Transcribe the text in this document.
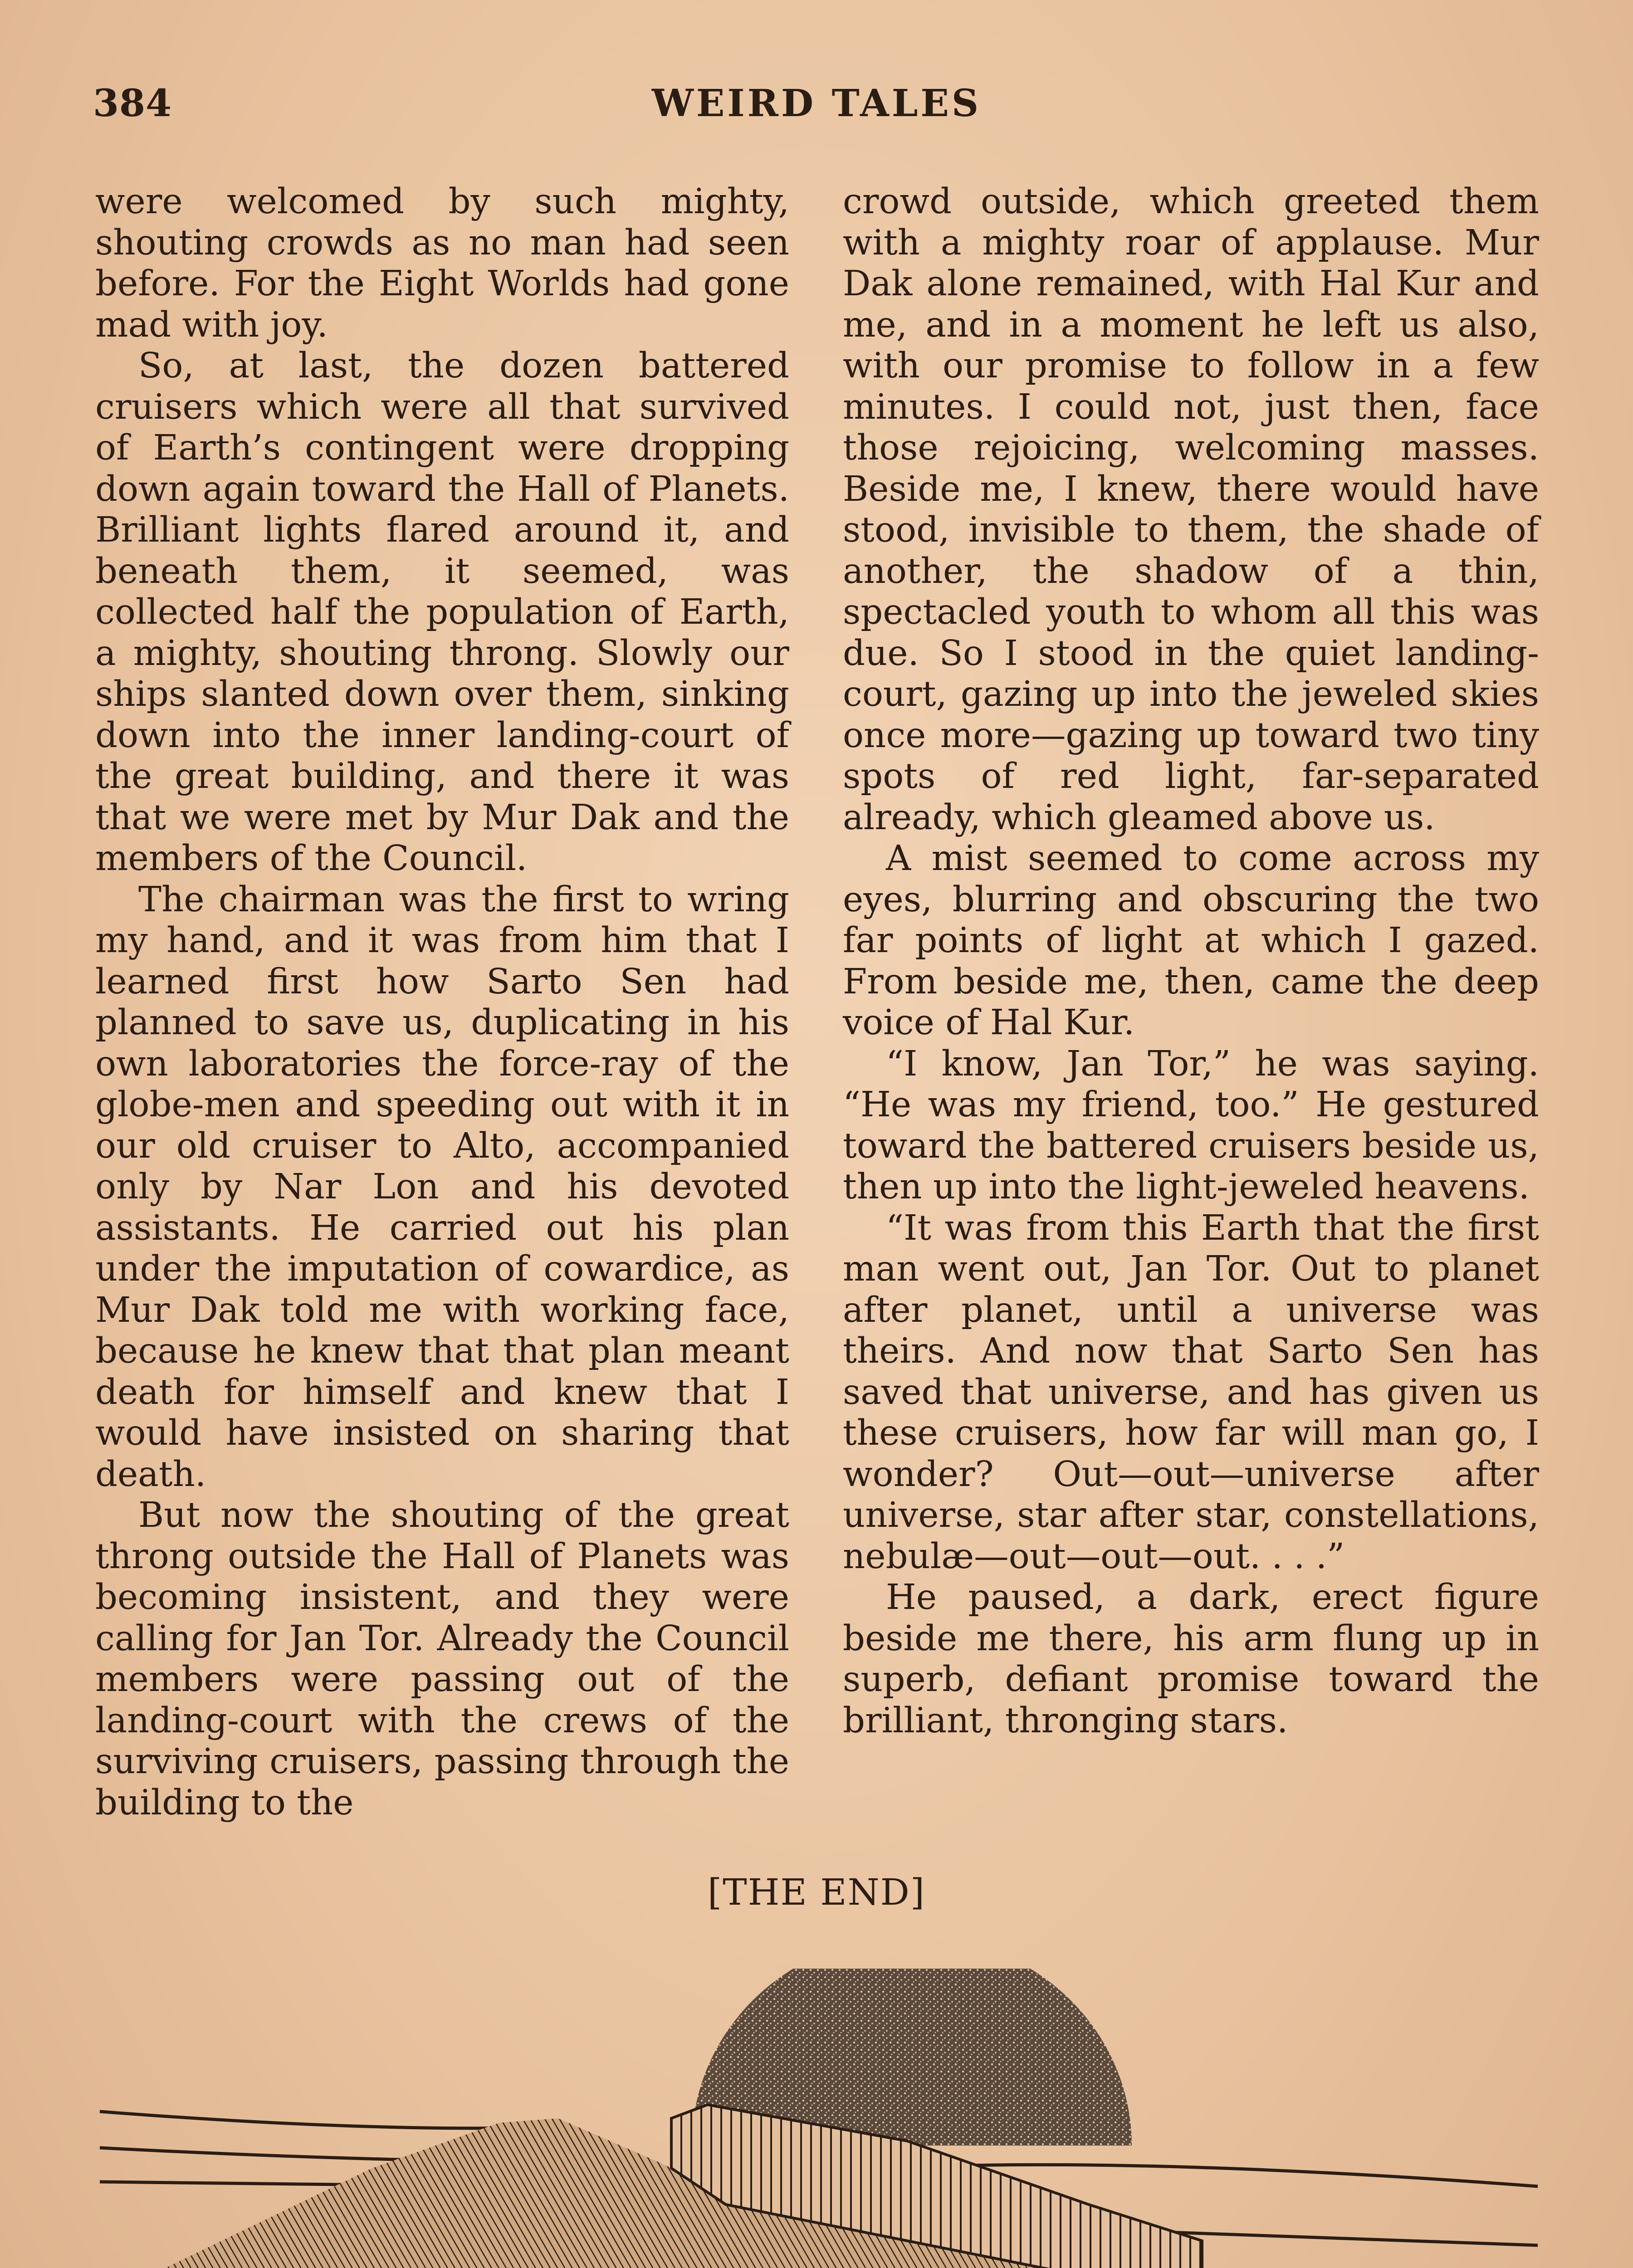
384	WEIRD TALES

were welcomed by such mighty, shouting crowds as no man had seen before. For the Eight Worlds had gone mad with joy.

So, at last, the dozen battered cruisers which were all that survived of Earth’s contingent were dropping down again toward the Hall of Planets. Brilliant lights flared around it, and beneath them, it seemed, was collected half the population of Earth, a mighty, shouting throng. Slowly our ships slanted down over them, sinking down into the inner landing-court of the great building, and there it was that we were met by Mur Dak and the members of the Council.

The chairman was the first to wring my hand, and it was from him that I learned first how Sarto Sen had planned to save us, duplicating in his own laboratories the force-ray of the globe-men and speeding out with it in our old cruiser to Alto, accompanied only by Nar Lon and his devoted assistants. He carried out his plan under the imputation of cowardice, as Mur Dak told me with working face, because he knew that that plan meant death for himself and knew that I would have insisted on sharing that death.

But now the shouting of the great throng outside the Hall of Planets was becoming insistent, and they were calling for Jan Tor. Already the Council members were passing out of the landing-court with the crews of the surviving cruisers, passing through the building to the

crowd outside, which greeted them with a mighty roar of applause. Mur Dak alone remained, with Hal Kur and me, and in a moment he left us also, with our promise to follow in a few minutes. I could not, just then, face those rejoicing, welcoming masses. Beside me, I knew, there would have stood, invisible to them, the shade of another, the shadow of a thin, spectacled youth to whom all this was due. So I stood in the quiet landing-court, gazing up into the jeweled skies once more—gazing up toward two tiny spots of red light, far-separated already, which gleamed above us.

A mist seemed to come across my eyes, blurring and obscuring the two far points of light at which I gazed. From beside me, then, came the deep voice of Hal Kur.

“I know, Jan Tor,” he was saying. “He was my friend, too.” He gestured toward the battered cruisers beside us, then up into the light-jeweled heavens.

“It was from this Earth that the first man went out, Jan Tor. Out to planet after planet, until a universe was theirs. And now that Sarto Sen has saved that universe, and has given us these cruisers, how far will man go, I wonder? Out—out—universe after universe, star after star, constellations, nebulæ—out—out—out. . . .”

He paused, a dark, erect figure beside me there, his arm flung up in superb, defiant promise toward the brilliant, thronging stars.

[THE END]
